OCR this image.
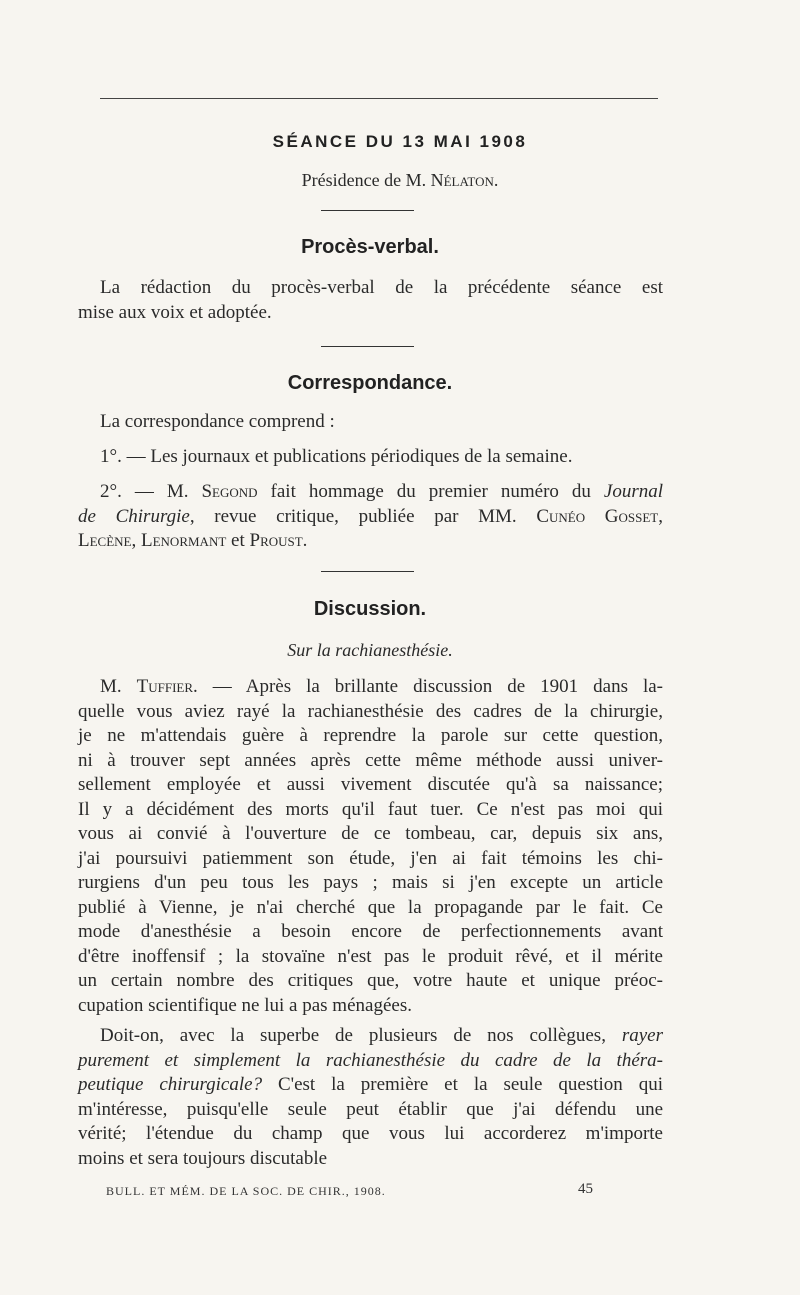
SÉANCE DU 13 MAI 1908
Présidence de M. Nélaton.
Procès-verbal.
La rédaction du procès-verbal de la précédente séance est
mise aux voix et adoptée.
Correspondance.
La correspondance comprend :
1°. — Les journaux et publications périodiques de la semaine.
2°. — M. Segond fait hommage du premier numéro du Journal
de Chirurgie, revue critique, publiée par MM. Cunéo Gosset,
Lecène, Lenormant et Proust.
Discussion.
Sur la rachianesthésie.
M. Tuffier. — Après la brillante discussion de 1901 dans la-
quelle vous aviez rayé la rachianesthésie des cadres de la chirurgie,
je ne m'attendais guère à reprendre la parole sur cette question,
ni à trouver sept années après cette même méthode aussi univer-
sellement employée et aussi vivement discutée qu'à sa naissance;
Il y a décidément des morts qu'il faut tuer. Ce n'est pas moi qui
vous ai convié à l'ouverture de ce tombeau, car, depuis six ans,
j'ai poursuivi patiemment son étude, j'en ai fait témoins les chi-
rurgiens d'un peu tous les pays ; mais si j'en excepte un article
publié à Vienne, je n'ai cherché que la propagande par le fait. Ce
mode d'anesthésie a besoin encore de perfectionnements avant
d'être inoffensif ; la stovaïne n'est pas le produit rêvé, et il mérite
un certain nombre des critiques que, votre haute et unique préoc-
cupation scientifique ne lui a pas ménagées.
Doit-on, avec la superbe de plusieurs de nos collègues, rayer
purement et simplement la rachianesthésie du cadre de la théra-
peutique chirurgicale? C'est la première et la seule question qui
m'intéresse, puisqu'elle seule peut établir que j'ai défendu une
vérité; l'étendue du champ que vous lui accorderez m'importe
moins et sera toujours discutable
BULL. ET MÉM. DE LA SOC. DE CHIR., 1908.	45
